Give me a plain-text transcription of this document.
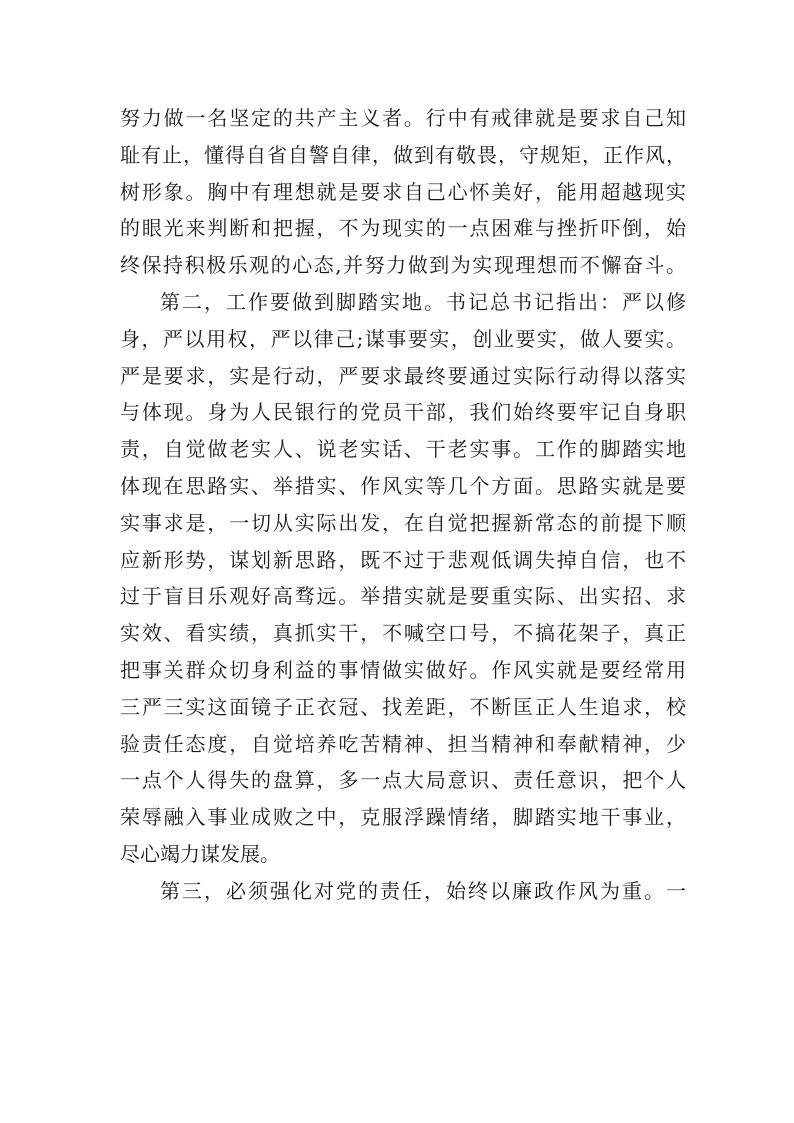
努力做一名坚定的共产主义者。行中有戒律就是要求自己知
耻有止，懂得自省自警自律，做到有敬畏，守规矩，正作风，
树形象。胸中有理想就是要求自己心怀美好，能用超越现实
的眼光来判断和把握，不为现实的一点困难与挫折吓倒，始
终保持积极乐观的心态,并努力做到为实现理想而不懈奋斗。
第二，工作要做到脚踏实地。书记总书记指出：严以修
身，严以用权，严以律己;谋事要实，创业要实，做人要实。
严是要求，实是行动，严要求最终要通过实际行动得以落实
与体现。身为人民银行的党员干部，我们始终要牢记自身职
责，自觉做老实人、说老实话、干老实事。工作的脚踏实地
体现在思路实、举措实、作风实等几个方面。思路实就是要
实事求是，一切从实际出发，在自觉把握新常态的前提下顺
应新形势，谋划新思路，既不过于悲观低调失掉自信，也不
过于盲目乐观好高骛远。举措实就是要重实际、出实招、求
实效、看实绩，真抓实干，不喊空口号，不搞花架子，真正
把事关群众切身利益的事情做实做好。作风实就是要经常用
三严三实这面镜子正衣冠、找差距，不断匡正人生追求，校
验责任态度，自觉培养吃苦精神、担当精神和奉献精神，少
一点个人得失的盘算，多一点大局意识、责任意识，把个人
荣辱融入事业成败之中，克服浮躁情绪，脚踏实地干事业，
尽心竭力谋发展。
第三，必须强化对党的责任，始终以廉政作风为重。一
